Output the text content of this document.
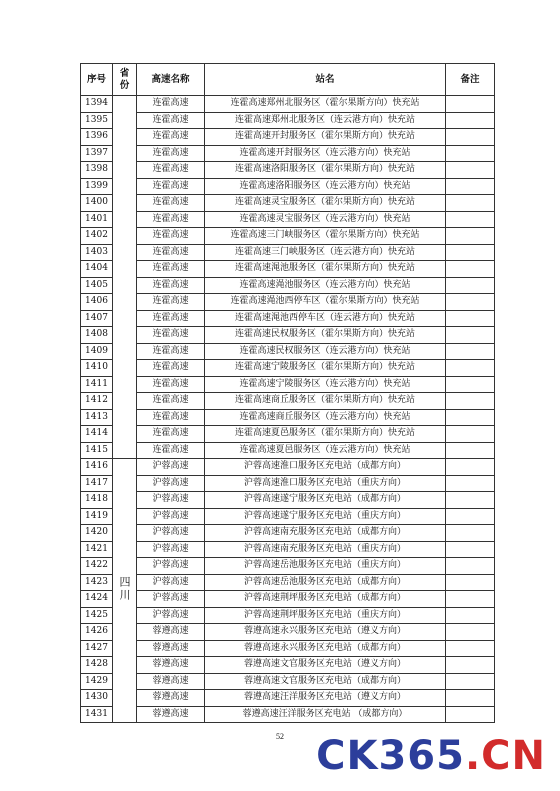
序号	省份	高速名称	站名	备注
1394		连霍高速	连霍高速郑州北服务区（霍尔果斯方向）快充站	
1395		连霍高速	连霍高速郑州北服务区（连云港方向）快充站	
1396		连霍高速	连霍高速开封服务区（霍尔果斯方向）快充站	
1397		连霍高速	连霍高速开封服务区（连云港方向）快充站	
1398		连霍高速	连霍高速洛阳服务区（霍尔果斯方向）快充站	
1399		连霍高速	连霍高速洛阳服务区（连云港方向）快充站	
1400		连霍高速	连霍高速灵宝服务区（霍尔果斯方向）快充站	
1401		连霍高速	连霍高速灵宝服务区（连云港方向）快充站	
1402		连霍高速	连霍高速三门峡服务区（霍尔果斯方向）快充站	
1403		连霍高速	连霍高速三门峡服务区（连云港方向）快充站	
1404		连霍高速	连霍高速渑池服务区（霍尔果斯方向）快充站	
1405		连霍高速	连霍高速渑池服务区（连云港方向）快充站	
1406		连霍高速	连霍高速渑池西停车区（霍尔果斯方向）快充站	
1407		连霍高速	连霍高速渑池西停车区（连云港方向）快充站	
1408		连霍高速	连霍高速民权服务区（霍尔果斯方向）快充站	
1409		连霍高速	连霍高速民权服务区（连云港方向）快充站	
1410		连霍高速	连霍高速宁陵服务区（霍尔果斯方向）快充站	
1411		连霍高速	连霍高速宁陵服务区（连云港方向）快充站	
1412		连霍高速	连霍高速商丘服务区（霍尔果斯方向）快充站	
1413		连霍高速	连霍高速商丘服务区（连云港方向）快充站	
1414		连霍高速	连霍高速夏邑服务区（霍尔果斯方向）快充站	
1415		连霍高速	连霍高速夏邑服务区（连云港方向）快充站	
1416	四川	沪蓉高速	沪蓉高速淮口服务区充电站（成都方向）	
1417		沪蓉高速	沪蓉高速淮口服务区充电站（重庆方向）	
1418		沪蓉高速	沪蓉高速遂宁服务区充电站（成都方向）	
1419		沪蓉高速	沪蓉高速遂宁服务区充电站（重庆方向）	
1420		沪蓉高速	沪蓉高速南充服务区充电站（成都方向）	
1421		沪蓉高速	沪蓉高速南充服务区充电站（重庆方向）	
1422		沪蓉高速	沪蓉高速岳池服务区充电站（重庆方向）	
1423		沪蓉高速	沪蓉高速岳池服务区充电站（成都方向）	
1424		沪蓉高速	沪蓉高速荆坪服务区充电站（成都方向）	
1425		沪蓉高速	沪蓉高速荆坪服务区充电站（重庆方向）	
1426		蓉遵高速	蓉遵高速永兴服务区充电站（遵义方向）	
1427		蓉遵高速	蓉遵高速永兴服务区充电站（成都方向）	
1428		蓉遵高速	蓉遵高速文官服务区充电站（遵义方向）	
1429		蓉遵高速	蓉遵高速文官服务区充电站（成都方向）	
1430		蓉遵高速	蓉遵高速汪洋服务区充电站（遵义方向）	
1431		蓉遵高速	蓉遵高速汪洋服务区充电站 （成都方向）	
52 CK365.CN
